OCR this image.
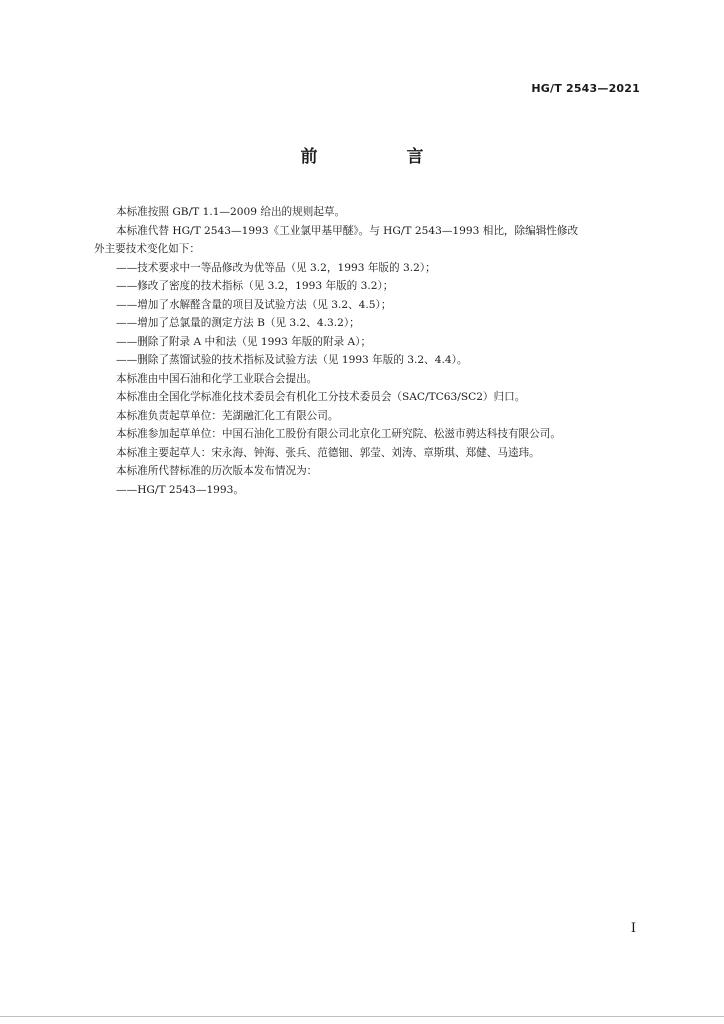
HG/T 2543—2021
前　言

本标准按照 GB/T 1.1—2009 给出的规则起草。

本标准代替 HG/T 2543—1993《工业氯甲基甲醚》。与 HG/T 2543—1993 相比，除编辑性修改

外主要技术变化如下：

——技术要求中一等品修改为优等品（见 3.2，1993 年版的 3.2）；

——修改了密度的技术指标（见 3.2，1993 年版的 3.2）；

——增加了水解醛含量的项目及试验方法（见 3.2、4.5）；

——增加了总氯量的测定方法 B（见 3.2、4.3.2）；

——删除了附录 A 中和法（见 1993 年版的附录 A）；

——删除了蒸馏试验的技术指标及试验方法（见 1993 年版的 3.2、4.4）。

本标准由中国石油和化学工业联合会提出。

本标准由全国化学标准化技术委员会有机化工分技术委员会（SAC/TC63/SC2）归口。

本标准负责起草单位：芜湖融汇化工有限公司。

本标准参加起草单位：中国石油化工股份有限公司北京化工研究院、松滋市骋达科技有限公司。

本标准主要起草人：宋永海、钟海、张兵、范德钿、郭莹、刘涛、章斯琪、郑健、马逵玮。

本标准所代替标准的历次版本发布情况为：

——HG/T 2543—1993。

I
